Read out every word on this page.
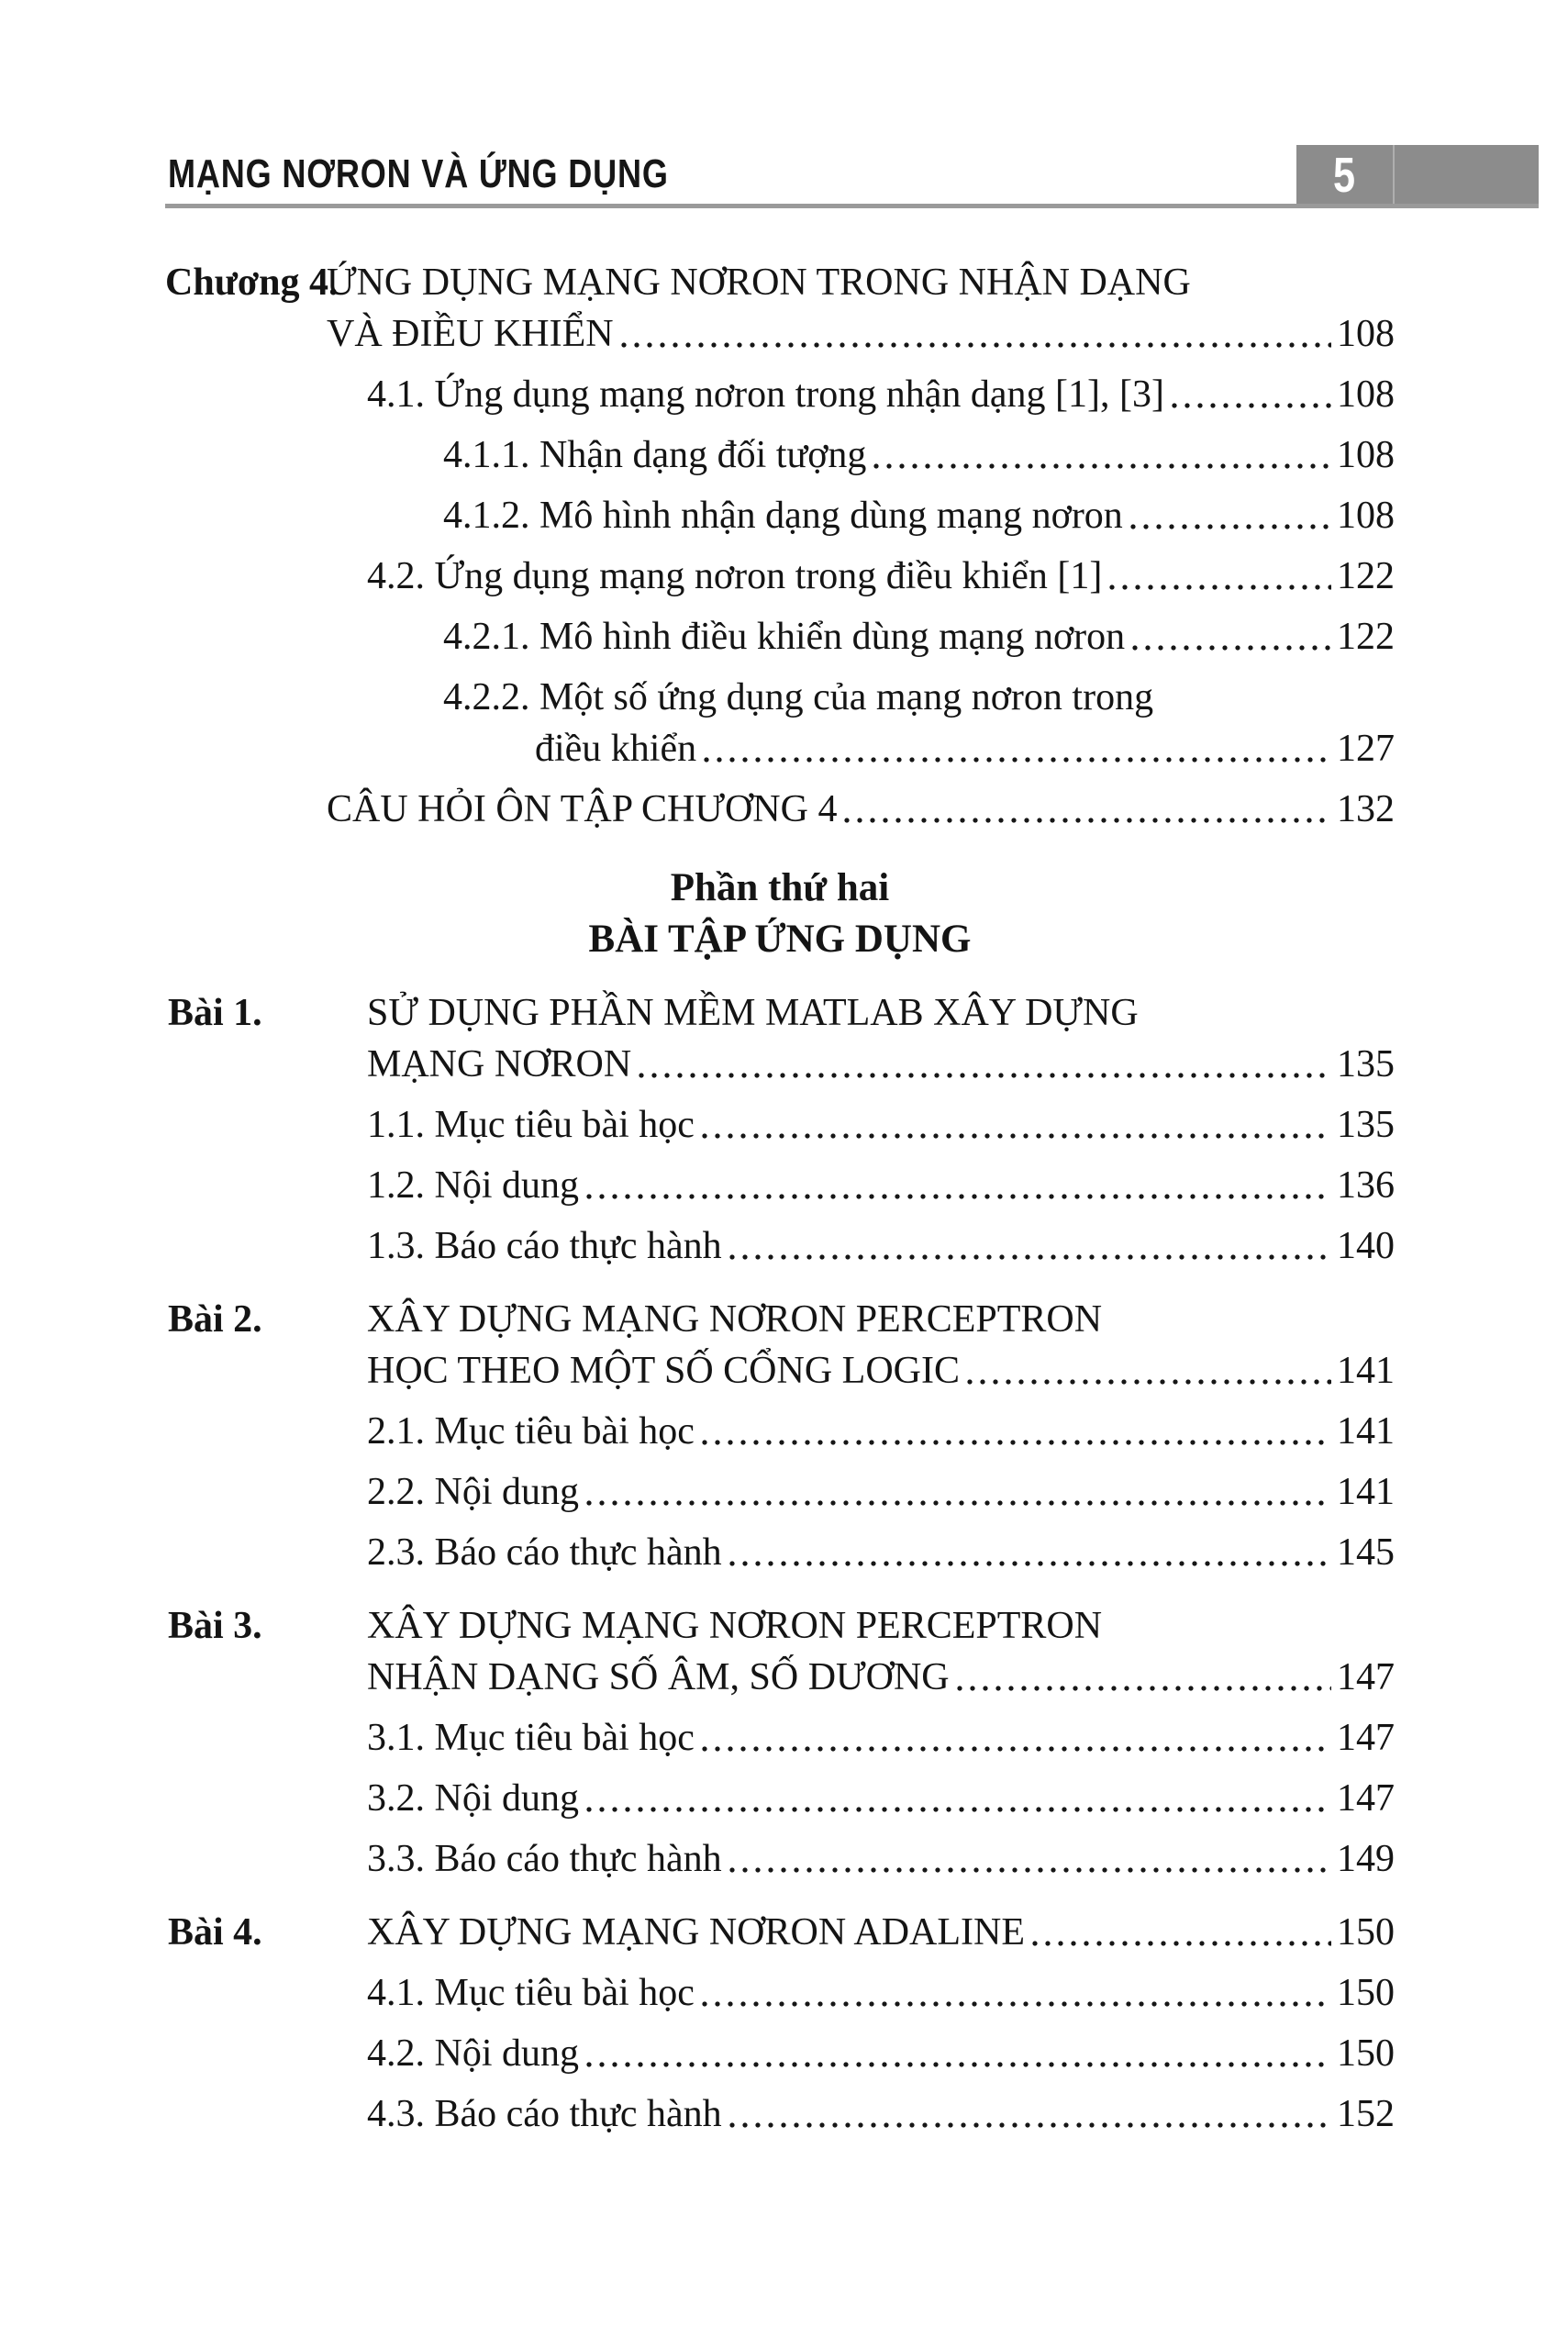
MẠNG NƠRON VÀ ỨNG DỤNG	5
Chương 4.
ỨNG DỤNG MẠNG NƠRON TRONG NHẬN DẠNG
VÀ ĐIỀU KHIỂN	108
4.1. Ứng dụng mạng nơron trong nhận dạng [1], [3]	108
4.1.1. Nhận dạng đối tượng	108
4.1.2. Mô hình nhận dạng dùng mạng nơron	108
4.2. Ứng dụng mạng nơron trong điều khiển [1]	122
4.2.1. Mô hình điều khiển dùng mạng nơron	122
4.2.2. Một số ứng dụng của mạng nơron trong
điều khiển	127
CÂU HỎI ÔN TẬP CHƯƠNG 4	132
Phần thứ hai
BÀI TẬP ỨNG DỤNG
Bài 1.	SỬ DỤNG PHẦN MỀM MATLAB XÂY DỰNG
MẠNG NƠRON	135
1.1. Mục tiêu bài học	135
1.2. Nội dung	136
1.3. Báo cáo thực hành	140
Bài 2.	XÂY DỰNG MẠNG NƠRON PERCEPTRON
HỌC THEO MỘT SỐ CỔNG LOGIC	141
2.1. Mục tiêu bài học	141
2.2. Nội dung	141
2.3. Báo cáo thực hành	145
Bài 3.	XÂY DỰNG MẠNG NƠRON PERCEPTRON
NHẬN DẠNG SỐ ÂM, SỐ DƯƠNG	147
3.1. Mục tiêu bài học	147
3.2. Nội dung	147
3.3. Báo cáo thực hành	149
Bài 4.	XÂY DỰNG MẠNG NƠRON ADALINE	150
4.1. Mục tiêu bài học	150
4.2. Nội dung	150
4.3. Báo cáo thực hành	152
